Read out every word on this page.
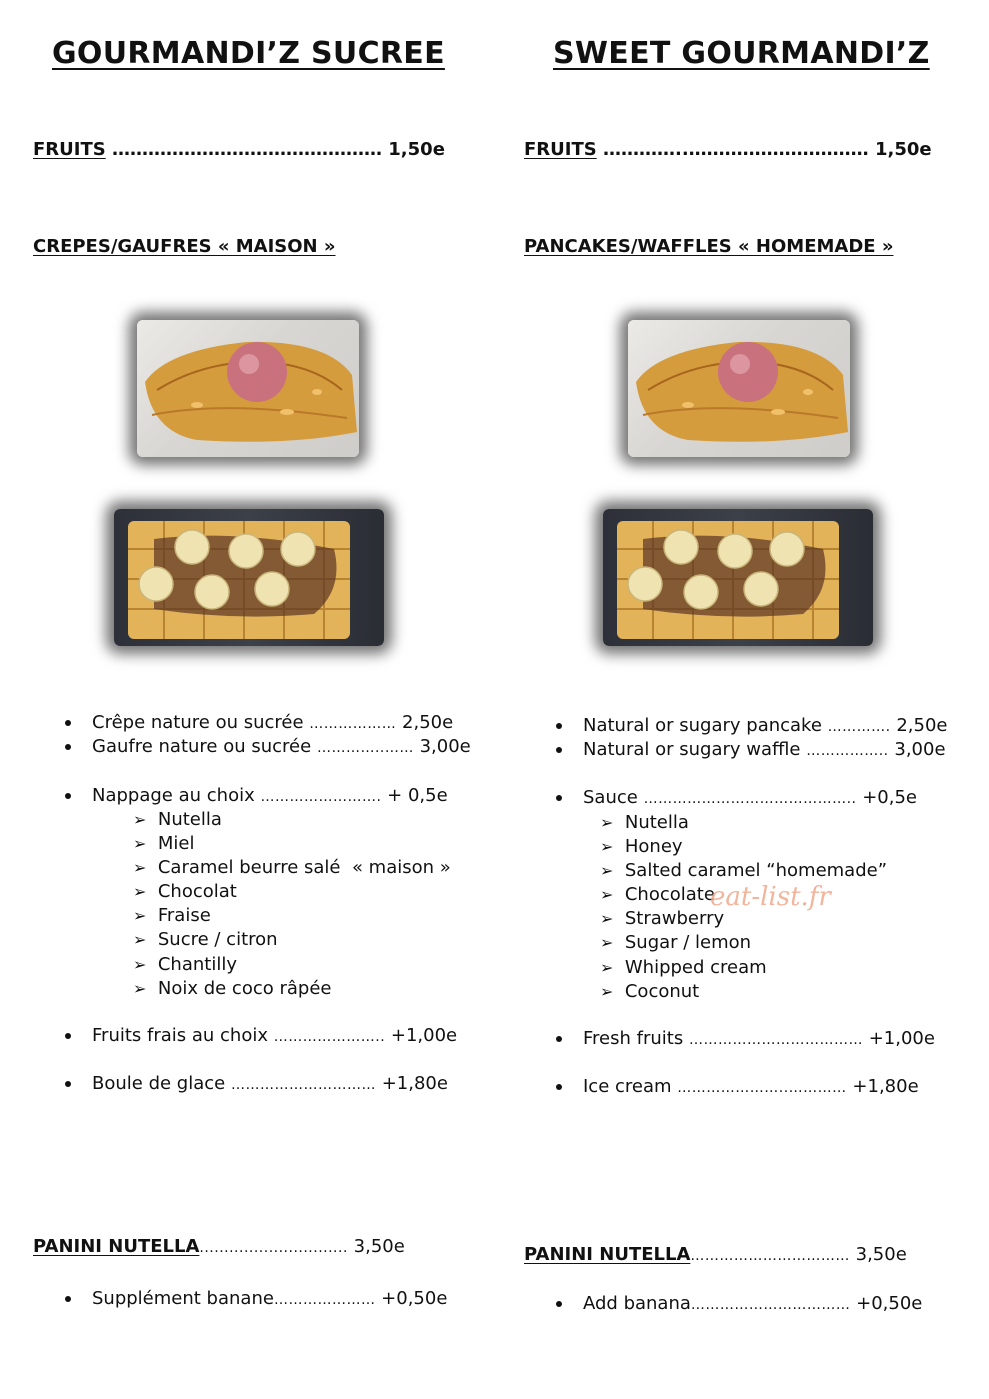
GOURMANDI’Z SUCREE
FRUITS ……………………………………… 1,50e
CREPES/GAUFRES « MAISON »
Crêpe nature ou sucrée ……………… 2,50e
Gaufre nature ou sucrée …………..…… 3,00e
Nappage au choix ……………………. + 0,5e
➢ Nutella
➢ Miel
➢ Caramel beurre salé  « maison »
➢ Chocolat
➢ Fraise
➢ Sucre / citron
➢ Chantilly
➢ Noix de coco râpée
Fruits frais au choix ………………….. +1,00e
Boule de glace ………………………… +1,80e
PANINI NUTELLA.............................. 3,50e
Supplément banane………………… +0,50e
SWEET GOURMANDI’Z
FRUITS …………..………………………… 1,50e
PANCAKES/WAFFLES « HOMEMADE »
Natural or sugary pancake …………. 2,50e
Natural or sugary waffle …………….. 3,00e
Sauce …………………………………….. +0,5e
➢ Nutella
➢ Honey
➢ Salted caramel “homemade”
➢ Chocolate
➢ Strawberry
➢ Sugar / lemon
➢ Whipped cream
➢ Coconut
eat-list.fr
Fresh fruits ……………………………… +1,00e
Ice cream …………………..………… +1,80e
PANINI NUTELLA…………………………… 3,50e
Add banana…………………………… +0,50e
